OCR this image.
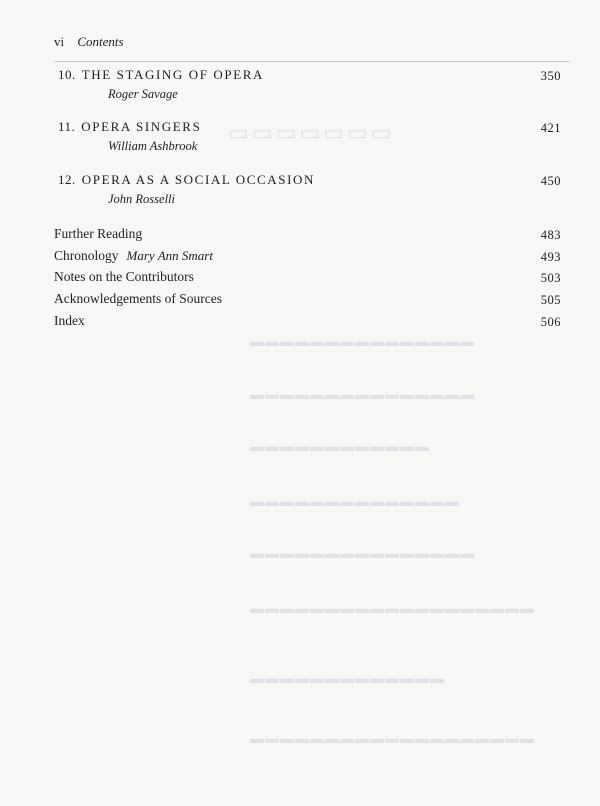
▭▭▭▭▭▭▭
▬▬▬▬▬▬▬▬▬▬▬▬▬▬▬
▬▬▬▬▬▬▬▬▬▬▬▬▬▬▬
▬▬▬▬▬▬▬▬▬▬▬▬
▬▬▬▬▬▬▬▬▬▬▬▬▬▬
▬▬▬▬▬▬▬▬▬▬▬▬▬▬▬
▬▬▬▬▬▬▬▬▬▬▬▬▬▬▬▬▬▬▬
▬▬▬▬▬▬▬▬▬▬▬▬▬
▬▬▬▬▬▬▬▬▬▬▬▬▬▬▬▬▬▬▬
vi Contents
10. THE STAGING OF OPERA	350
Roger Savage
11. OPERA SINGERS	421
William Ashbrook
12. OPERA AS A SOCIAL OCCASION	450
John Rosselli
Further Reading	483
Chronology Mary Ann Smart	493
Notes on the Contributors	503
Acknowledgements of Sources	505
Index	506
